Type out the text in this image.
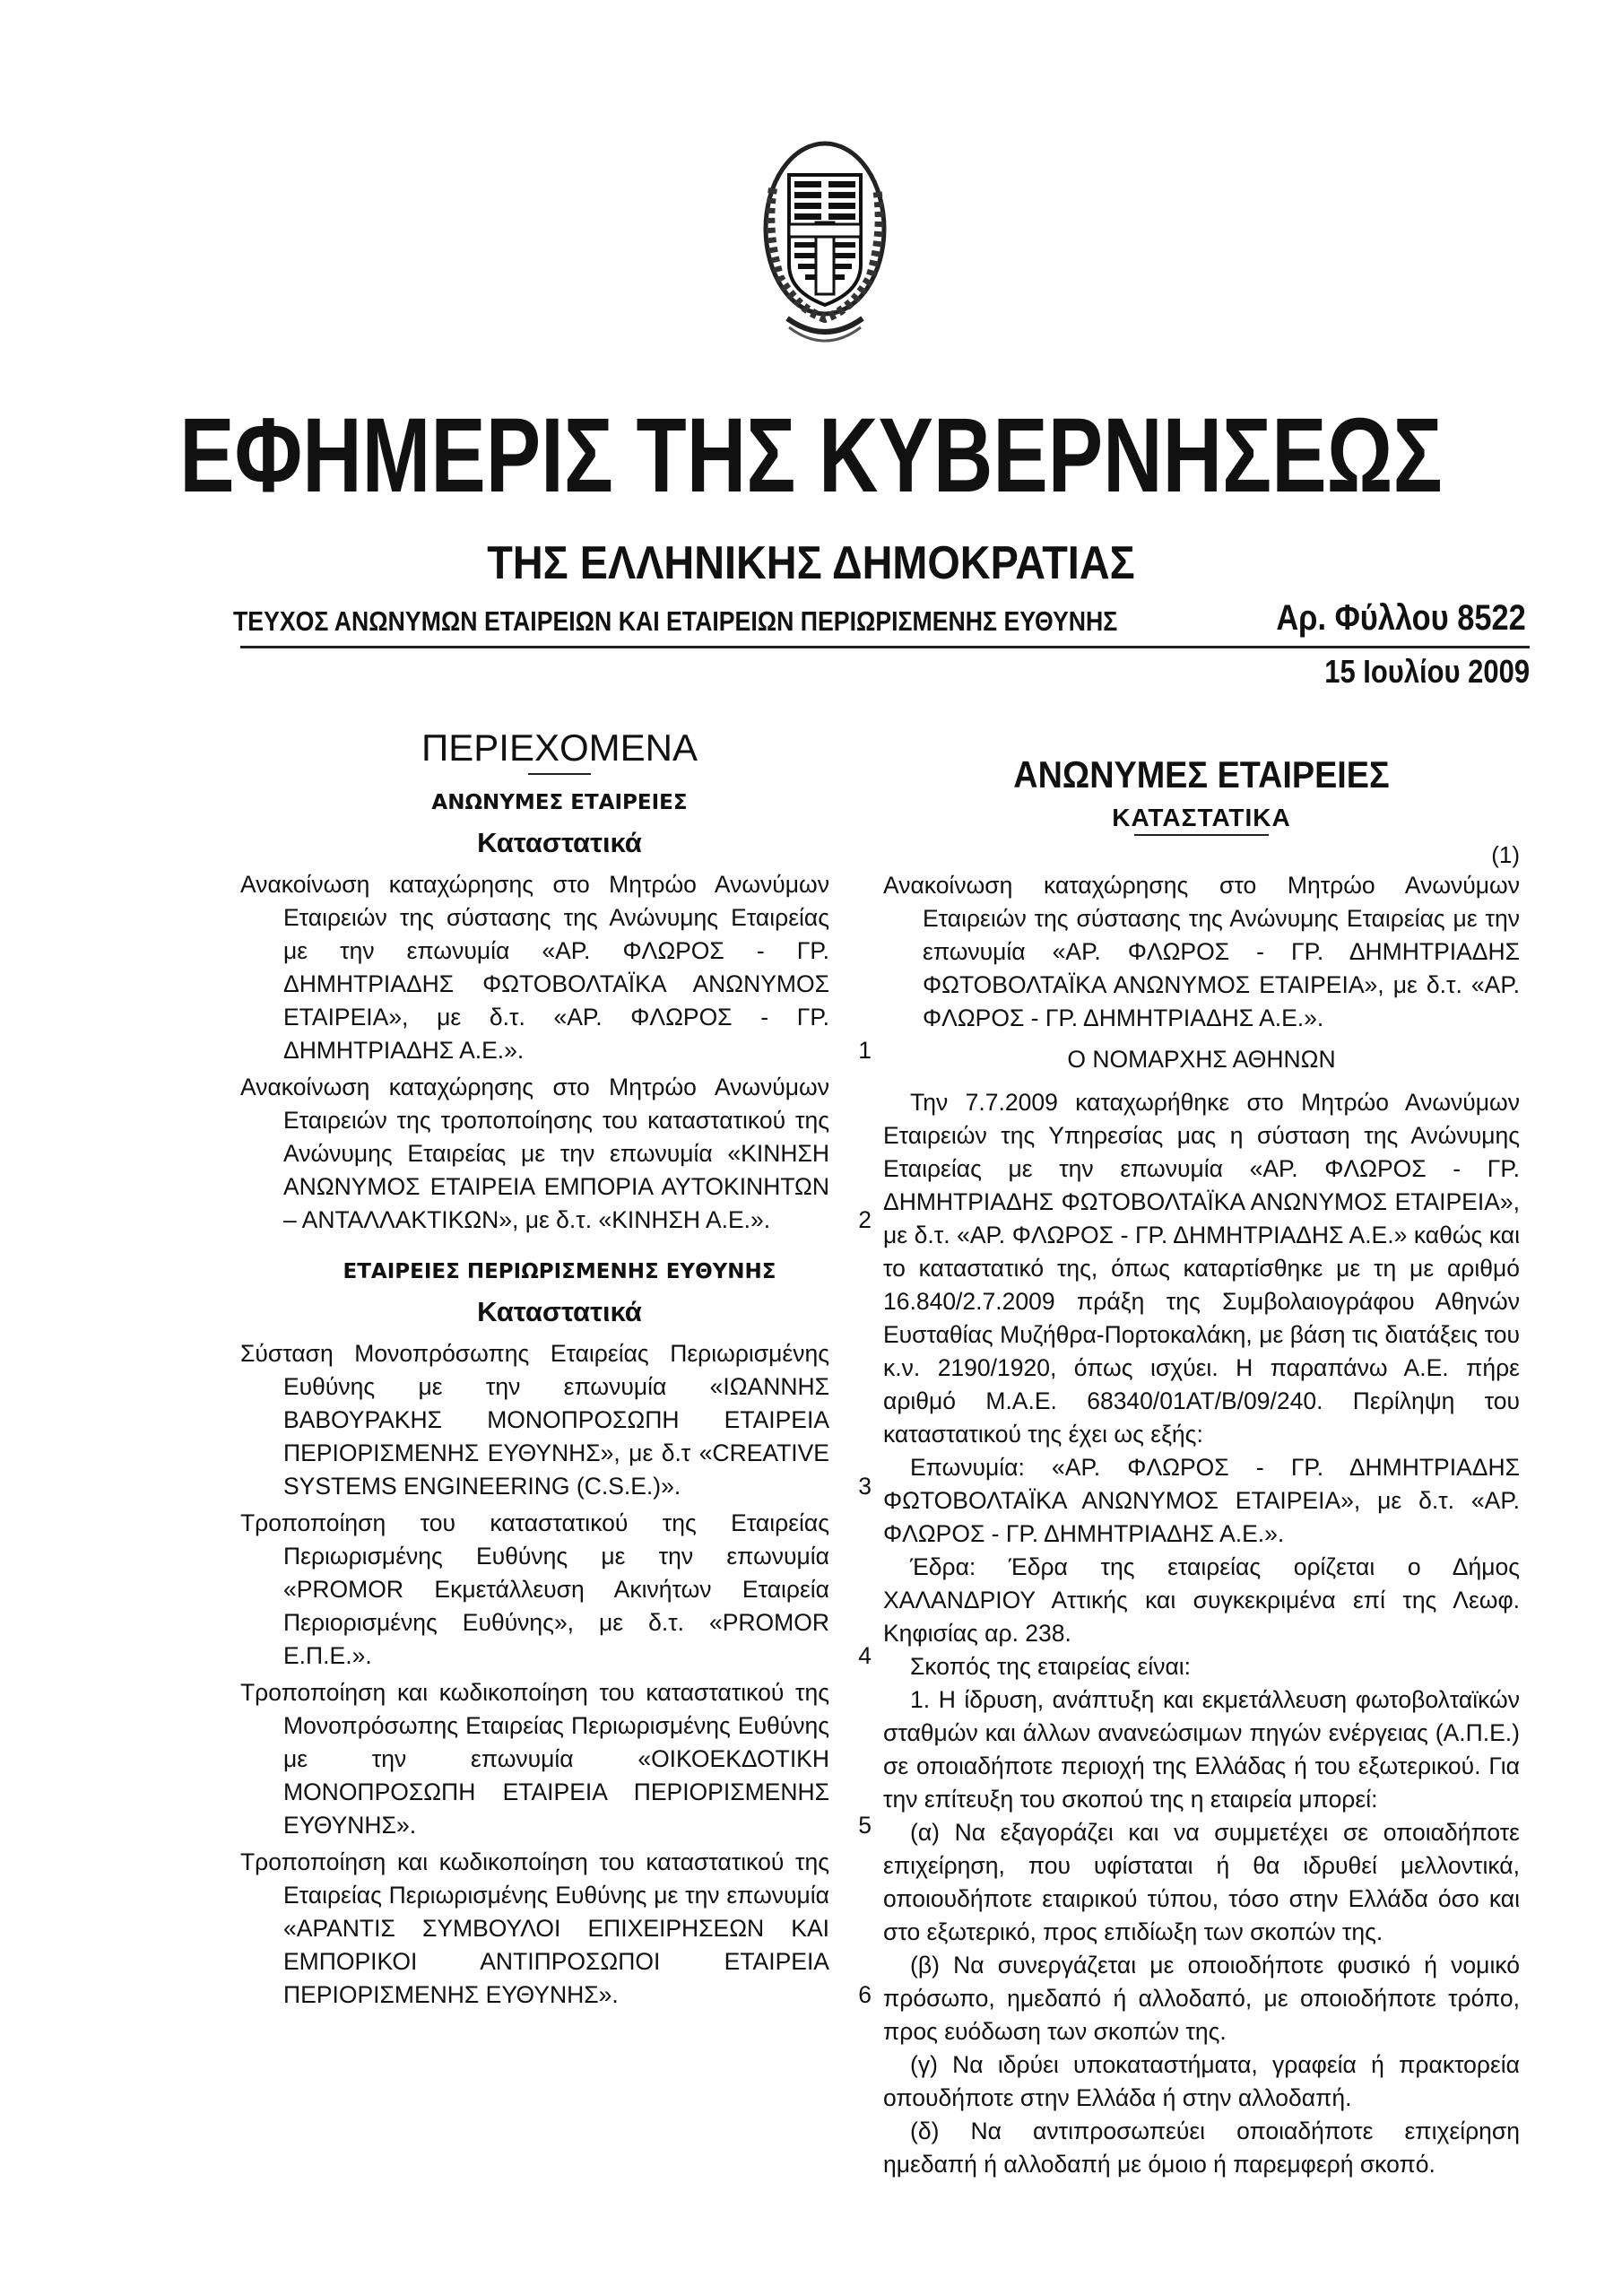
ΕΦΗΜΕΡΙΣ ΤΗΣ ΚΥΒΕΡΝΗΣΕΩΣ
ΤΗΣ ΕΛΛΗΝΙΚΗΣ ΔΗΜΟΚΡΑΤΙΑΣ
ΤΕΥΧΟΣ ΑΝΩΝΥΜΩΝ ΕΤΑΙΡΕΙΩΝ ΚΑΙ ΕΤΑΙΡΕΙΩΝ ΠΕΡΙΩΡΙΣΜΕΝΗΣ ΕΥΘΥΝΗΣ	Αρ. Φύλλου 8522
15 Ιουλίου 2009
ΠΕΡΙΕΧΟΜΕΝΑ
ΑΝΩΝΥΜΕΣ ΕΤΑΙΡΕΙΕΣ
Καταστατικά
Ανακοίνωση καταχώρησης στο Μητρώο Ανωνύμων Εταιρειών της σύστασης της Ανώνυμης Εταιρείας με την επωνυμία «ΑΡ. ΦΛΩΡΟΣ - ΓΡ. ΔΗΜΗΤΡΙΑΔΗΣ ΦΩΤΟΒΟΛΤΑΪΚΑ ΑΝΩΝΥΜΟΣ ΕΤΑΙΡΕΙΑ», με δ.τ. «ΑΡ. ΦΛΩΡΟΣ - ΓΡ. ΔΗΜΗΤΡΙΑΔΗΣ Α.Ε.».	1
Ανακοίνωση καταχώρησης στο Μητρώο Ανωνύμων Εταιρειών της τροποποίησης του καταστατικού της Ανώνυμης Εταιρείας με την επωνυμία «ΚΙΝΗΣΗ ΑΝΩΝΥΜΟΣ ΕΤΑΙΡΕΙΑ ΕΜΠΟΡΙΑ ΑΥΤΟΚΙΝΗΤΩΝ – ΑΝΤΑΛΛΑΚΤΙΚΩΝ», με δ.τ. «ΚΙΝΗΣΗ Α.Ε.».	2
ΕΤΑΙΡΕΙΕΣ ΠΕΡΙΩΡΙΣΜΕΝΗΣ ΕΥΘΥΝΗΣ
Καταστατικά
Σύσταση Μονοπρόσωπης Εταιρείας Περιωρισμένης Ευθύνης με την επωνυμία «ΙΩΑΝΝΗΣ ΒΑΒΟΥΡΑΚΗΣ ΜΟΝΟΠΡΟΣΩΠΗ ΕΤΑΙΡΕΙΑ ΠΕΡΙΟΡΙΣΜΕΝΗΣ ΕΥΘΥΝΗΣ», με δ.τ «CREATIVE SYSTEMS ENGINEERING (C.S.E.)».	3
Τροποποίηση του καταστατικού της Εταιρείας Περιωρισμένης Ευθύνης με την επωνυμία «PROMOR Εκμετάλλευση Ακινήτων Εταιρεία Περιορισμένης Ευθύνης», με δ.τ. «PROMOR Ε.Π.Ε.».	4
Τροποποίηση και κωδικοποίηση του καταστατικού της Μονοπρόσωπης Εταιρείας Περιωρισμένης Ευθύνης με την επωνυμία «ΟΙΚΟΕΚΔΟΤΙΚΗ ΜΟΝΟΠΡΟΣΩΠΗ ΕΤΑΙΡΕΙΑ ΠΕΡΙΟΡΙΣΜΕΝΗΣ ΕΥΘΥΝΗΣ».	5
Τροποποίηση και κωδικοποίηση του καταστατικού της Εταιρείας Περιωρισμένης Ευθύνης με την επωνυμία «ΑΡΑΝΤΙΣ ΣΥΜΒΟΥΛΟΙ ΕΠΙΧΕΙΡΗΣΕΩΝ ΚΑΙ ΕΜΠΟΡΙΚΟΙ ΑΝΤΙΠΡΟΣΩΠΟΙ ΕΤΑΙΡΕΙΑ ΠΕΡΙΟΡΙΣΜΕΝΗΣ ΕΥΘΥΝΗΣ».	6
ΑΝΩΝΥΜΕΣ ΕΤΑΙΡΕΙΕΣ
ΚΑΤΑΣΤΑΤΙΚΑ

(1)

Ανακοίνωση καταχώρησης στο Μητρώο Ανωνύμων Εταιρειών της σύστασης της Ανώνυμης Εταιρείας με την επωνυμία «ΑΡ. ΦΛΩΡΟΣ - ΓΡ. ΔΗΜΗΤΡΙΑΔΗΣ ΦΩΤΟΒΟΛΤΑΪΚΑ ΑΝΩΝΥΜΟΣ ΕΤΑΙΡΕΙΑ», με δ.τ. «ΑΡ. ΦΛΩΡΟΣ - ΓΡ. ΔΗΜΗΤΡΙΑΔΗΣ Α.Ε.».

Ο ΝΟΜΑΡΧΗΣ ΑΘΗΝΩΝ

Την 7.7.2009 καταχωρήθηκε στο Μητρώο Ανωνύμων Εταιρειών της Υπηρεσίας μας η σύσταση της Ανώνυμης Εταιρείας με την επωνυμία «ΑΡ. ΦΛΩΡΟΣ - ΓΡ. ΔΗΜΗΤΡΙΑΔΗΣ ΦΩΤΟΒΟΛΤΑΪΚΑ ΑΝΩΝΥΜΟΣ ΕΤΑΙΡΕΙΑ», με δ.τ. «ΑΡ. ΦΛΩΡΟΣ - ΓΡ. ΔΗΜΗΤΡΙΑΔΗΣ Α.Ε.» καθώς και το καταστατικό της, όπως καταρτίσθηκε με τη με αριθμό 16.840/2.7.2009 πράξη της Συμβολαιογράφου Αθηνών Ευσταθίας Μυζήθρα-Πορτοκαλάκη, με βάση τις διατάξεις του κ.ν. 2190/1920, όπως ισχύει. Η παραπάνω Α.Ε. πήρε αριθμό Μ.Α.Ε. 68340/01ΑΤ/Β/09/240. Περίληψη του καταστατικού της έχει ως εξής:

Επωνυμία: «ΑΡ. ΦΛΩΡΟΣ - ΓΡ. ΔΗΜΗΤΡΙΑΔΗΣ ΦΩΤΟΒΟΛΤΑΪΚΑ ΑΝΩΝΥΜΟΣ ΕΤΑΙΡΕΙΑ», με δ.τ. «ΑΡ. ΦΛΩΡΟΣ - ΓΡ. ΔΗΜΗΤΡΙΑΔΗΣ Α.Ε.».

Έδρα: Έδρα της εταιρείας ορίζεται ο Δήμος ΧΑΛΑΝΔΡΙΟΥ Αττικής και συγκεκριμένα επί της Λεωφ. Κηφισίας αρ. 238.

Σκοπός της εταιρείας είναι:

1. Η ίδρυση, ανάπτυξη και εκμετάλλευση φωτοβολταϊκών σταθμών και άλλων ανανεώσιμων πηγών ενέργειας (Α.Π.Ε.) σε οποιαδήποτε περιοχή της Ελλάδας ή του εξωτερικού. Για την επίτευξη του σκοπού της η εταιρεία μπορεί:

(α) Να εξαγοράζει και να συμμετέχει σε οποιαδήποτε επιχείρηση, που υφίσταται ή θα ιδρυθεί μελλοντικά, οποιουδήποτε εταιρικού τύπου, τόσο στην Ελλάδα όσο και στο εξωτερικό, προς επιδίωξη των σκοπών της.

(β) Να συνεργάζεται με οποιοδήποτε φυσικό ή νομικό πρόσωπο, ημεδαπό ή αλλοδαπό, με οποιοδήποτε τρόπο, προς ευόδωση των σκοπών της.

(γ) Να ιδρύει υποκαταστήματα, γραφεία ή πρακτορεία οπουδήποτε στην Ελλάδα ή στην αλλοδαπή.

(δ) Να αντιπροσωπεύει οποιαδήποτε επιχείρηση ημεδαπή ή αλλοδαπή με όμοιο ή παρεμφερή σκοπό.
